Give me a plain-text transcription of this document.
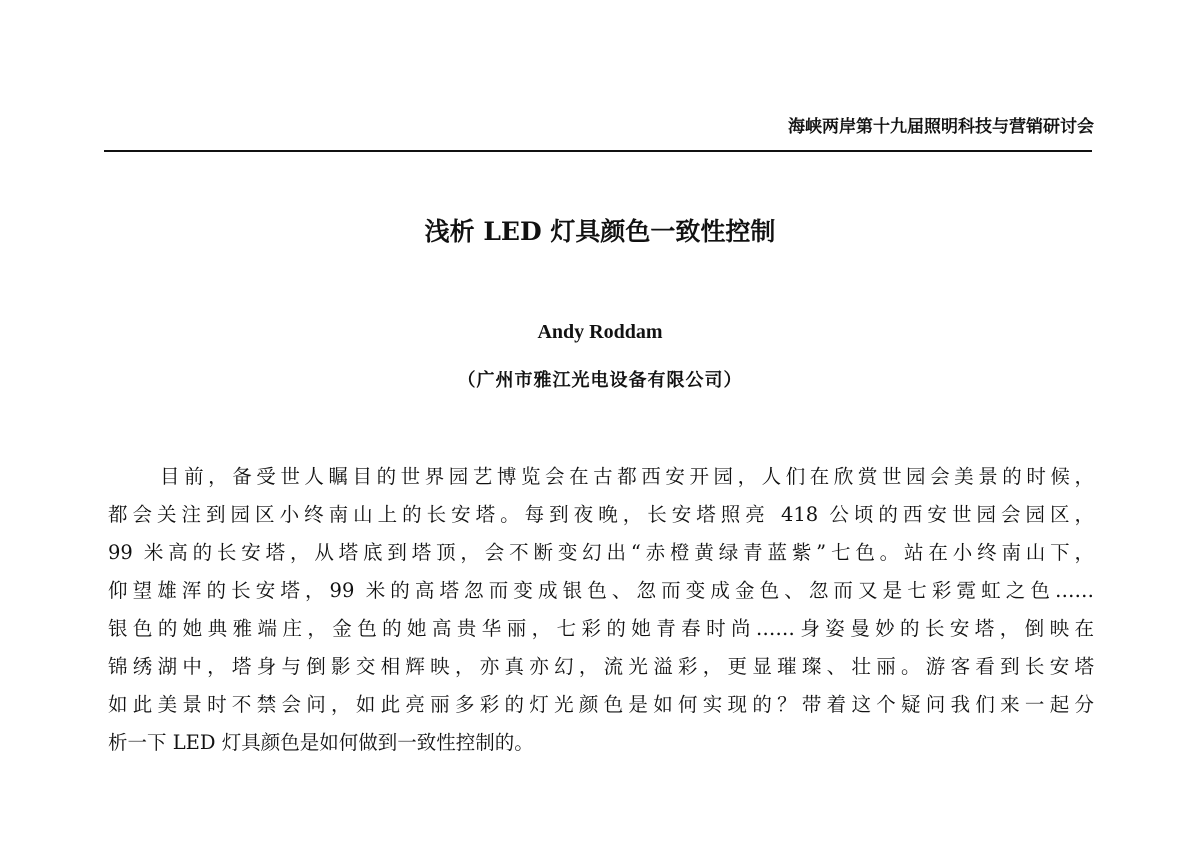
海峡两岸第十九届照明科技与营销研讨会
浅析 LED 灯具颜色一致性控制
Andy Roddam
（广州市雅江光电设备有限公司）
目前，备受世人瞩目的世界园艺博览会在古都西安开园，人们在欣赏世园会美景的时候，
都会关注到园区小终南山上的长安塔。每到夜晚，长安塔照亮 418 公顷的西安世园会园区，
99 米高的长安塔，从塔底到塔顶，会不断变幻出“赤橙黄绿青蓝紫”七色。站在小终南山下，
仰望雄浑的长安塔，99 米的高塔忽而变成银色、忽而变成金色、忽而又是七彩霓虹之色……
银色的她典雅端庄，金色的她高贵华丽，七彩的她青春时尚……身姿曼妙的长安塔，倒映在
锦绣湖中，塔身与倒影交相辉映，亦真亦幻，流光溢彩，更显璀璨、壮丽。游客看到长安塔
如此美景时不禁会问，如此亮丽多彩的灯光颜色是如何实现的？带着这个疑问我们来一起分
析一下 LED 灯具颜色是如何做到一致性控制的。
